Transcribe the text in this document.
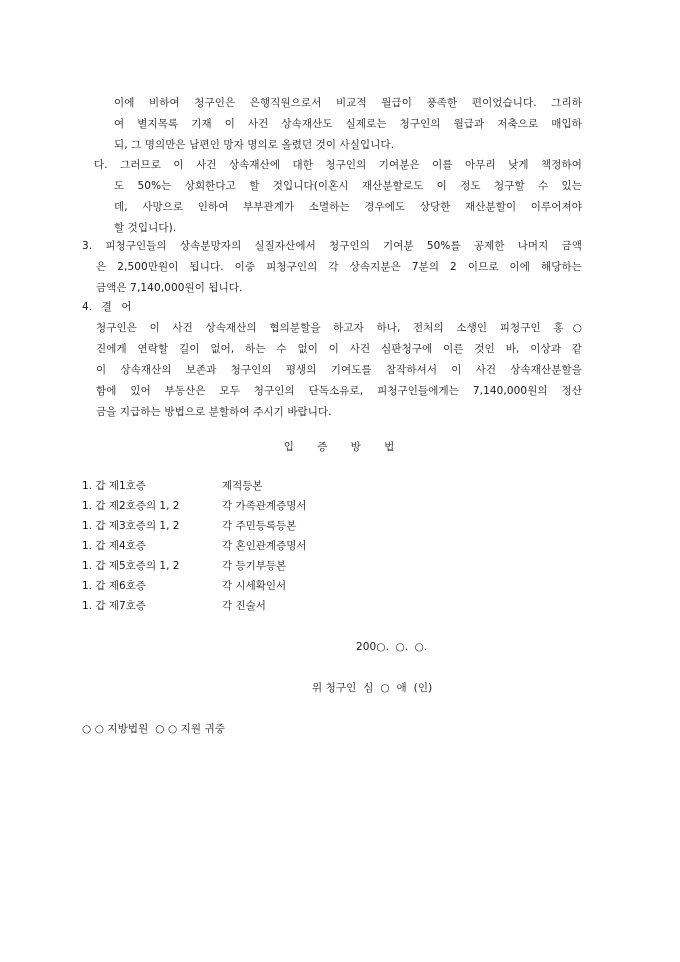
이에 비하여 청구인은 은행직원으로서 비교적 월급이 풍족한 편이었습니다. 그리하
여 별지목록 기재 이 사건 상속재산도 실제로는 청구인의 월급과 저축으로 매입하
되, 그 명의만은 남편인 망자 명의로 올렸던 것이 사실입니다.
다. 그러므로 이 사건 상속재산에 대한 청구인의 기여분은 이를 아무리 낮게 책정하여
도 50%는 상회한다고 할 것입니다(이혼시 재산분할로도 이 정도 청구할 수 있는
데, 사망으로 인하여 부부관계가 소멸하는 경우에도 상당한 재산분할이 이루어져야
할 것입니다).
3. 피청구인들의 상속분망자의 실질자산에서 청구인의 기여분 50%를 공제한 나머지 금액
은 2,500만원이 됩니다. 이중 피청구인의 각 상속지분은 7분의 2 이므로 이에 해당하는
금액은 7,140,000원이 됩니다.
4. 결 어
청구인은 이 사건 상속재산의 협의분할을 하고자 하나, 전처의 소생인 피청구인 홍○
진에게 연락할 길이 없어, 하는 수 없이 이 사건 심판청구에 이른 것인 바, 이상과 같
이 상속재산의 보존과 청구인의 평생의 기여도를 참작하셔서 이 사건 상속재산분할을
함에 있어 부동산은 모두 청구인의 단독소유로, 피청구인들에게는 7,140,000원의 정산
금을 지급하는 방법으로 분할하여 주시기 바랍니다.
입 증 방 법
1. 갑 제1호증	제적등본
1. 갑 제2호증의 1, 2	각 가족관계증명서
1. 갑 제3호증의 1, 2	각 주민등록등본
1. 갑 제4호증	각 혼인관계증명서
1. 갑 제5호증의 1, 2	각 등기부등본
1. 갑 제6호증	각 시세확인서
1. 갑 제7호증	각 진술서
200○. ○. ○.
위 청구인  심  ○  애  (인)
○ ○ 지방법원  ○ ○ 지원 귀중
